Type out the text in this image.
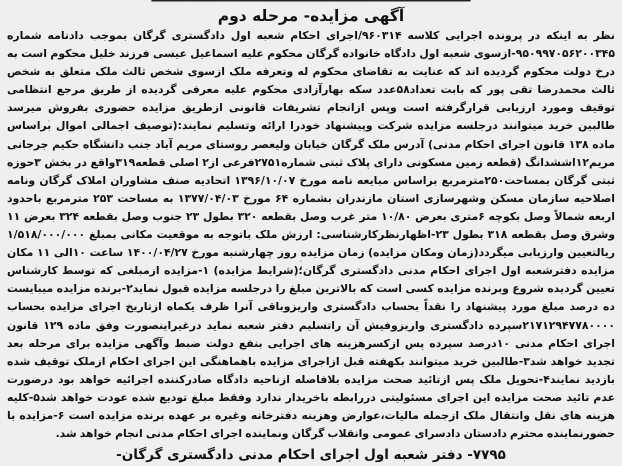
━━━━━━━━━━━━━━━━━━━━━━━━━━━━━━━━━━━━━━━━━━━━━━━━━━━━━
آگهی مزایده- مرحله دوم

نظر به اینکه در پرونده اجرایی کلاسه ۹۶۰۳۱۴/اجرای احکام شعبه اول دادگستری گرگان بموجب دادنامه شماره ۹۵۰۹۹۷۰۵۶۲۰۰۳۴۵-ازسوی شعبه اول دادگاه خانواده گرگان محکوم علیه اسماعیل عیسی فرزند خلیل محکوم است به درخ دولت محکوم گردیده اند که عنایت به تقاضای محکوم له وتعرفه ملک ازسوی شخص ثالث ملک متعلق به شخص ثالث محمدرضا تقی پور که بابت تعداد۵۸عدد سکه بهارآزادی محکوم علیه معرفی گردیده از طریق مرجع انتظامی توقیف ومورد ارزیابی قرارگرفته است وپس ازانجام تشریفات قانونی ازطریق مزایده حضوری بفروش میرسد طالبین خرید میتوانند درجلسه مزایده شرکت وپیشنهاد خودرا ارائه وتسلیم نمایند:(توصیف اجمالی اموال براساس ماده ۱۳۸ قانون اجرای احکام مدنی) آدرس ملک گرگان خیابان ولیعصر روستای مریم آباد جنب دانشگاه حکیم جرجانی مریم۱۲اششدانگ (قطعه زمین مسکونی دارای پلاک ثبتی شماره۲۷۵۱فرعی از۲ اصلی قطعه۳۱۹واقع در بخش ۳حوزه ثبتی گرگان بمساحت۲۵۰مترمربع براساس مبایعه نامه مورخ ۱۳۹۶/۱۰/۰۷ اتحادیه صنف مشاوران املاک گرگان ونامه اصلاحیه سازمان مسکن وشهرسازی استان مازندران بشماره ۶۴ مورخ ۱۳۷۷/۰۴/۰۳ به مساحت ۲۵۳ مترمربع باحدود اربعه شمالاً وصل بکوچه ۶متری بعرض ۱۰/۸۰ متر غرب وصل بقطعه ۳۲۰ بطول ۲۳ جنوب وصل بقطعه ۳۲۴ بعرض ۱۱ وشرق وصل بقطعه ۳۱۸ بطول ۲۳-اظهارنظرکارشناسی: ارزش ملک باتوجه به موقعیت مکانی بمبلغ ۱/۵۱۸/۰۰۰/۰۰۰ ریالتعیین وارزیابی میگردد(زمان ومکان مزایده) زمان مزایده روز چهارشنبه مورخ ۱۴۰۰/۰۴/۲۷ ساعت ۱۰الی ۱۱ مکان مزایده دفترشعبه اول اجرای احکام مدنی دادگستری گرگان؛(شرایط مزایده) ۱-مزایده ازمبلغی که توسط کارشناس تعیین گردیده شروع وبرنده مزایده کسی است که بالاترین مبلغ را درجلسه مزایده قبول نماید۲-برنده مزایده میبایست ده درصد مبلغ مورد پیشنهاد را نقداً بحساب دادگستری واریزوباقی آنرا ظرف یکماه ازتاریخ اجرای مزایده بحساب ۲۱۷۱۲۹۴۷۷۸۰۰۰۰سپرده دادگستری واریزوفیش آن راتسلیم دفتر شعبه نماید درغیراینصورت وفق ماده ۱۲۹ قانون اجرای احکام مدنی ۱۰درصد سپرده پس ازکسرهزینه های اجرایی بنفع دولت ضبط وآگهی مزایده برای مرحله بعد تجدید خواهد شد۳-طالبین خرید میتوانند بکهفته قبل ازاجرای مزایده باهماهنگی این اجرای احکام ازملک توقیف شده بازدید نمایند۴-تحویل ملک پس ازتائید صحت مزایده بلافاصله ازناحیه دادگاه صادرکننده اجرائیه خواهد بود درصورت عدم تائید صحت مزایده این اجرای مسئولیتی دررابطه باخریدار ندارد وفقط مبلغ تودیع شده عودت خواهد شد۵-کلیه هزینه های نقل وانتقال ملک ازجمله مالیات،عوارض وهزینه دفترخانه وغیره بر عهده برنده مزایده است ۶-مزایده با حضورنماینده محترم دادستان دادسرای عمومی وانقلاب گرگان ونماینده اجرای احکام مدنی انجام خواهد شد.

۷۷۹۵- دفتر شعبه اول اجرای احکام مدنی دادگستری گرگان-
